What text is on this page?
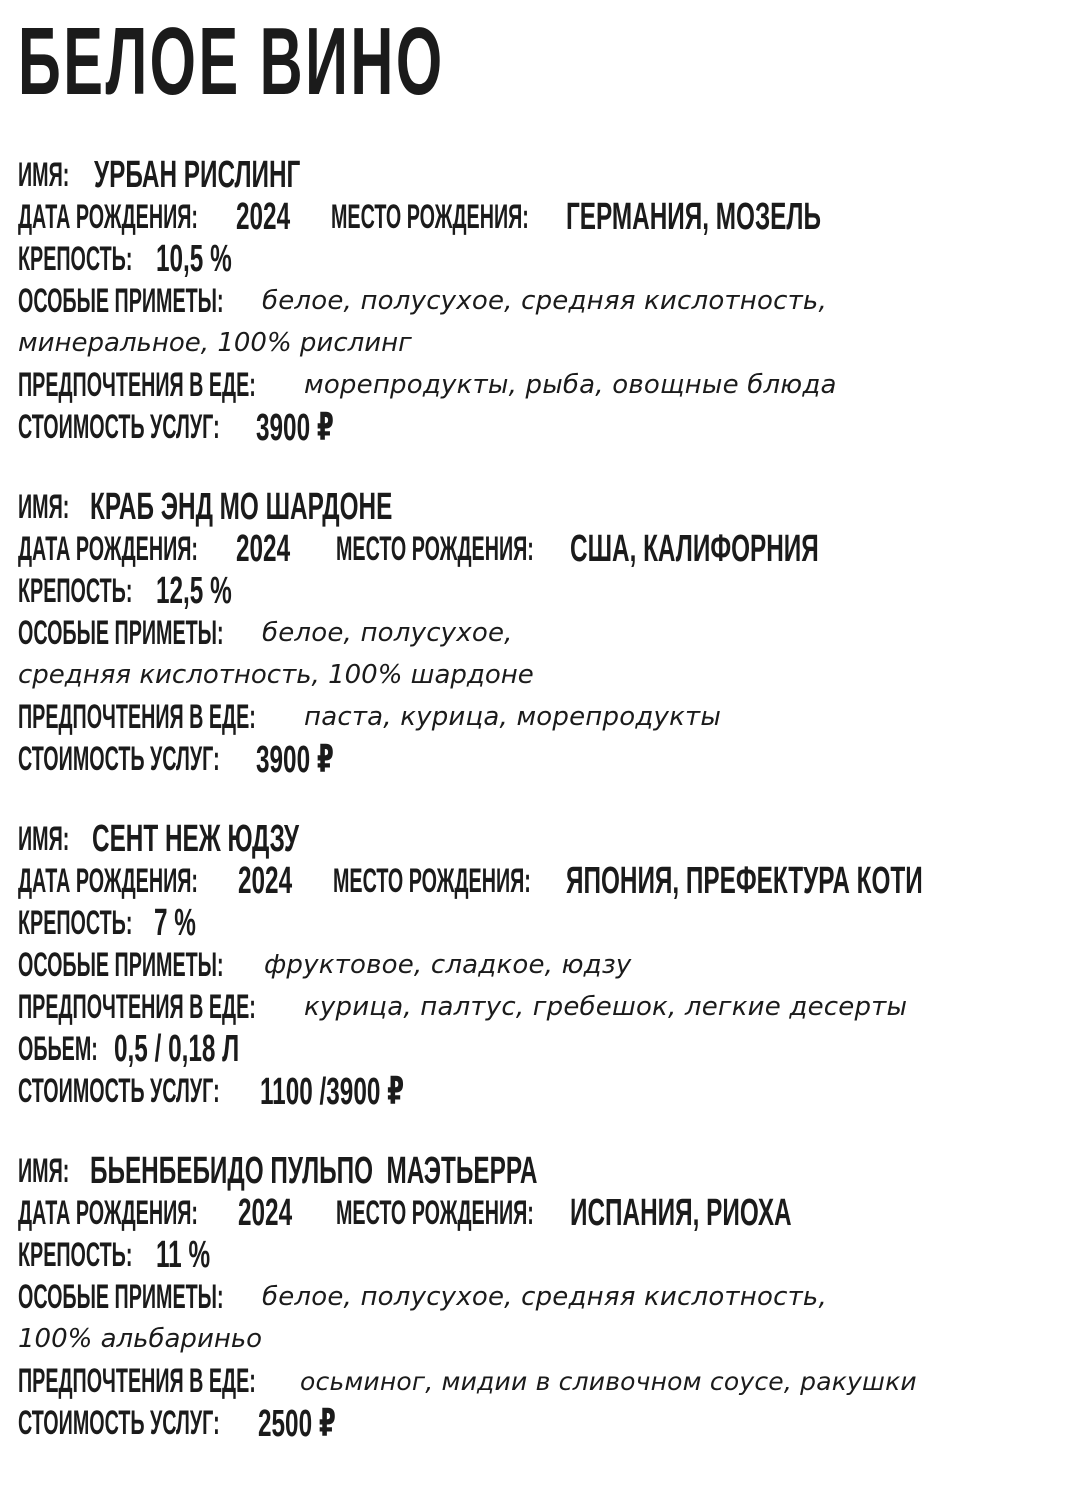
БЕЛОЕ ВИНО
ИМЯ: УРБАН РИСЛИНГ
ДАТА РОЖДЕНИЯ: 2024 МЕСТО РОЖДЕНИЯ: ГЕРМАНИЯ, МОЗЕЛЬ
КРЕПОСТЬ: 10,5 %
ОСОБЫЕ ПРИМЕТЫ: белое, полусухое, средняя кислотность,
минеральное, 100% рислинг
ПРЕДПОЧТЕНИЯ В ЕДЕ: морепродукты, рыба, овощные блюда
СТОИМОСТЬ УСЛУГ: 3900 ₽
ИМЯ: КРАБ ЭНД МО ШАРДОНЕ
ДАТА РОЖДЕНИЯ: 2024 МЕСТО РОЖДЕНИЯ: США, КАЛИФОРНИЯ
КРЕПОСТЬ: 12,5 %
ОСОБЫЕ ПРИМЕТЫ: белое, полусухое,
средняя кислотность, 100% шардоне
ПРЕДПОЧТЕНИЯ В ЕДЕ: паста, курица, морепродукты
СТОИМОСТЬ УСЛУГ: 3900 ₽
ИМЯ: СЕНТ НЕЖ ЮДЗУ
ДАТА РОЖДЕНИЯ: 2024 МЕСТО РОЖДЕНИЯ: ЯПОНИЯ, ПРЕФЕКТУРА КОТИ
КРЕПОСТЬ: 7 %
ОСОБЫЕ ПРИМЕТЫ: фруктовое, сладкое, юдзу
ПРЕДПОЧТЕНИЯ В ЕДЕ: курица, палтус, гребешок, легкие десерты
ОБЬЕМ: 0,5 / 0,18 Л
СТОИМОСТЬ УСЛУГ: 1100 /3900 ₽
ИМЯ: БЬЕНБЕБИДО ПУЛЬПО  МАЭТЬЕРРА
ДАТА РОЖДЕНИЯ: 2024 МЕСТО РОЖДЕНИЯ: ИСПАНИЯ, РИОХА
КРЕПОСТЬ: 11 %
ОСОБЫЕ ПРИМЕТЫ: белое, полусухое, средняя кислотность,
100% альбариньо
ПРЕДПОЧТЕНИЯ В ЕДЕ: осьминог, мидии в сливочном соусе, ракушки
СТОИМОСТЬ УСЛУГ: 2500 ₽
